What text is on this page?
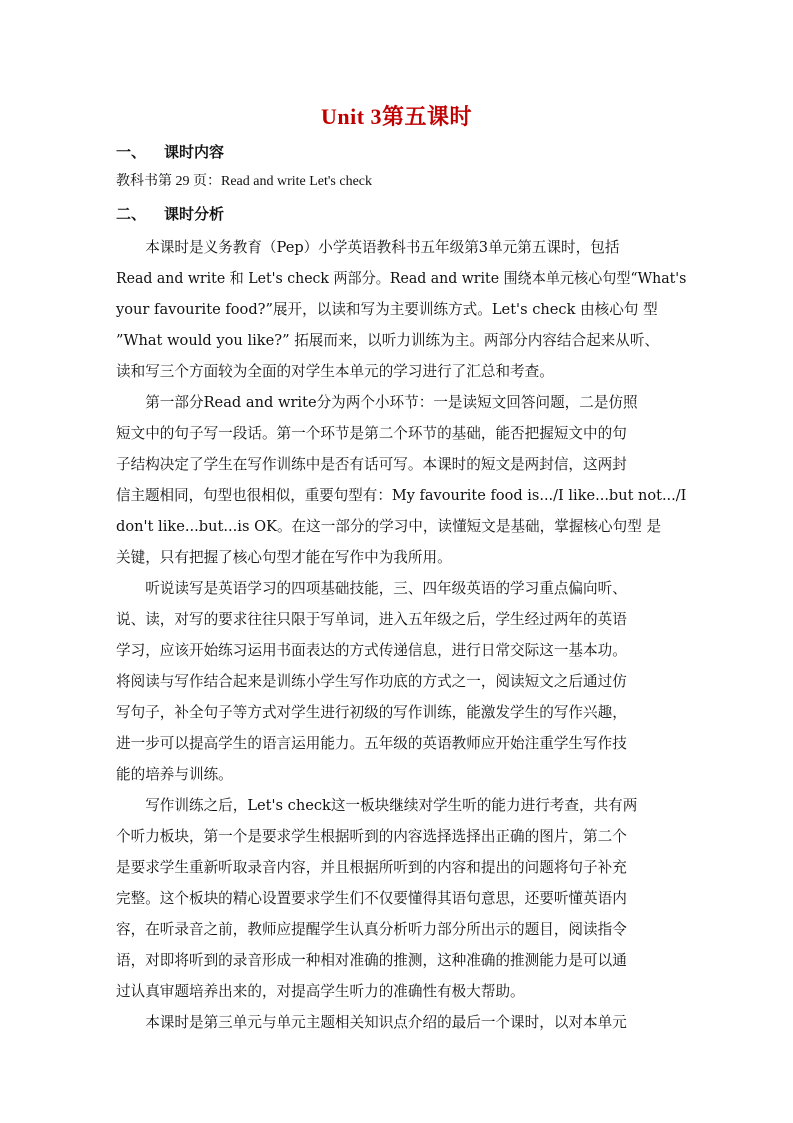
Unit 3第五课时
一、 课时内容
教科书第 29 页：Read and write Let's check
二、 课时分析
　　本课时是义务教育（Pep）小学英语教科书五年级第3单元第五课时，包括
Read and write 和 Let's check 两部分。Read and write 围绕本单元核心句型“What's
your favourite food?”展开，以读和写为主要训练方式。Let's check 由核心句 型
”What would you like?” 拓展而来，以听力训练为主。两部分内容结合起来从听、
读和写三个方面较为全面的对学生本单元的学习进行了汇总和考查。
　　第一部分Read and write分为两个小环节：一是读短文回答问题，二是仿照
短文中的句子写一段话。第一个环节是第二个环节的基础，能否把握短文中的句
子结构决定了学生在写作训练中是否有话可写。本课时的短文是两封信，这两封
信主题相同，句型也很相似，重要句型有：My favourite food is.../I like...but not.../I
don't like...but...is OK。在这一部分的学习中，读懂短文是基础，掌握核心句型 是
关键，只有把握了核心句型才能在写作中为我所用。
　　听说读写是英语学习的四项基础技能，三、四年级英语的学习重点偏向听、
说、读，对写的要求往往只限于写单词，进入五年级之后，学生经过两年的英语
学习，应该开始练习运用书面表达的方式传递信息，进行日常交际这一基本功。
将阅读与写作结合起来是训练小学生写作功底的方式之一，阅读短文之后通过仿
写句子，补全句子等方式对学生进行初级的写作训练，能激发学生的写作兴趣，
进一步可以提高学生的语言运用能力。五年级的英语教师应开始注重学生写作技
能的培养与训练。
　　写作训练之后，Let's check这一板块继续对学生听的能力进行考查，共有两
个听力板块，第一个是要求学生根据听到的内容选择选择出正确的图片，第二个
是要求学生重新听取录音内容，并且根据所听到的内容和提出的问题将句子补充
完整。这个板块的精心设置要求学生们不仅要懂得其语句意思，还要听懂英语内
容，在听录音之前，教师应提醒学生认真分析听力部分所出示的题目，阅读指令
语，对即将听到的录音形成一种相对准确的推测，这种准确的推测能力是可以通
过认真审题培养出来的，对提高学生听力的准确性有极大帮助。
　　本课时是第三单元与单元主题相关知识点介绍的最后一个课时，以对本单元
